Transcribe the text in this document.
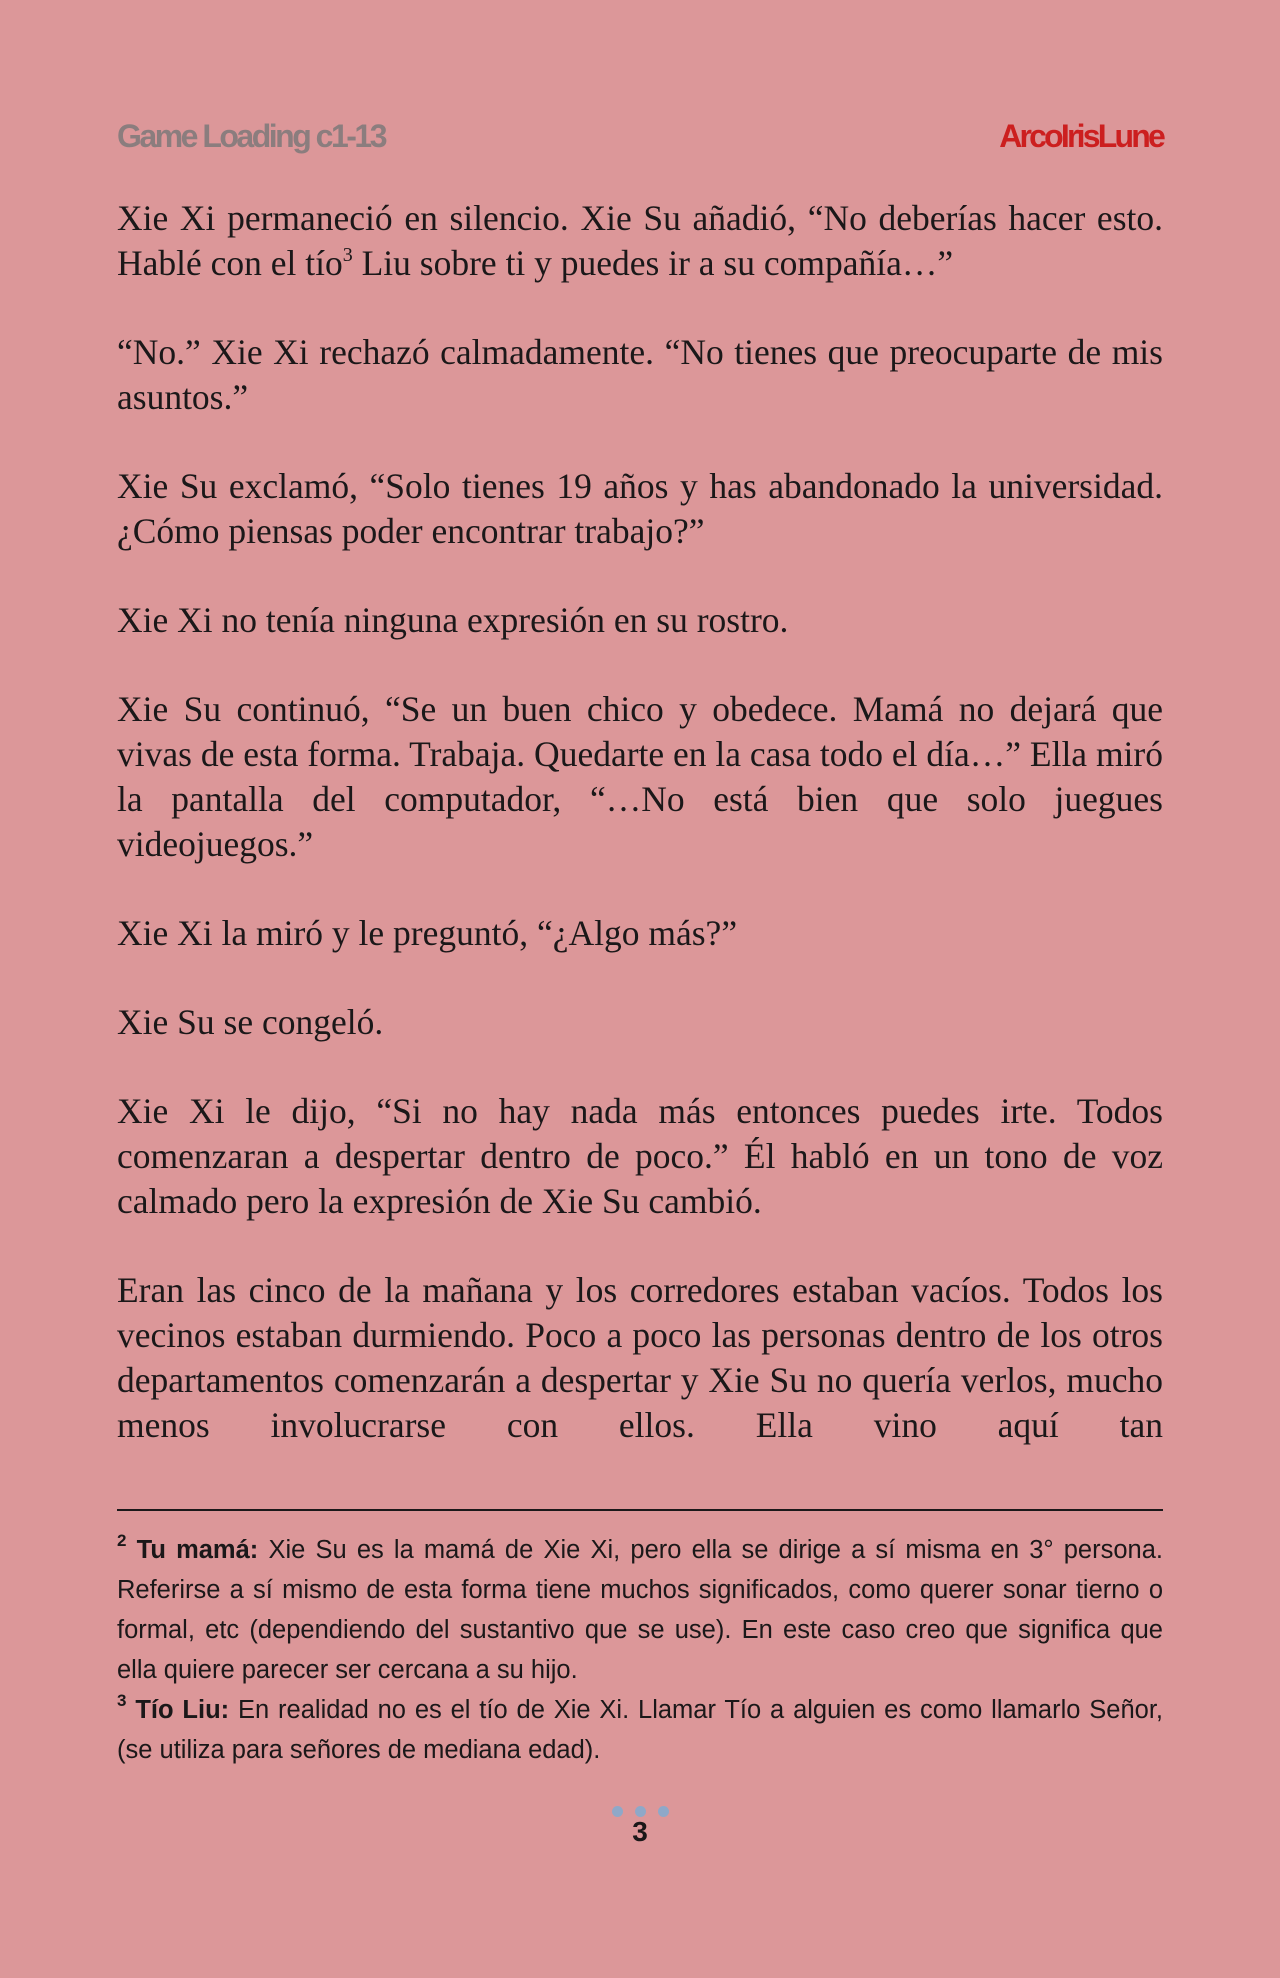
Game Loading c1-13	ArcoIrisLune

Xie Xi permaneció en silencio. Xie Su añadió, “No deberías hacer esto. Hablé con el tío$^3$ Liu sobre ti y puedes ir a su compañía…”

“No.” Xie Xi rechazó calmadamente. “No tienes que preocuparte de mis asuntos.”

Xie Su exclamó, “Solo tienes 19 años y has abandonado la universidad. ¿Cómo piensas poder encontrar trabajo?”

Xie Xi no tenía ninguna expresión en su rostro.

Xie Su continuó, “Se un buen chico y obedece. Mamá no dejará que vivas de esta forma. Trabaja. Quedarte en la casa todo el día…” Ella miró la pantalla del computador, “…No está bien que solo juegues videojuegos.”

Xie Xi la miró y le preguntó, “¿Algo más?”

Xie Su se congeló.

Xie Xi le dijo, “Si no hay nada más entonces puedes irte. Todos comenzaran a despertar dentro de poco.” Él habló en un tono de voz calmado pero la expresión de Xie Su cambió.

Eran las cinco de la mañana y los corredores estaban vacíos. Todos los vecinos estaban durmiendo. Poco a poco las personas dentro de los otros departamentos comenzarán a despertar y Xie Su no quería verlos, mucho menos involucrarse con ellos. Ella vino aquí tan

$^2$ Tu mamá: Xie Su es la mamá de Xie Xi, pero ella se dirige a sí misma en 3° persona. Referirse a sí mismo de esta forma tiene muchos significados, como querer sonar tierno o formal, etc (dependiendo del sustantivo que se use). En este caso creo que significa que ella quiere parecer ser cercana a su hijo.

$^3$ Tío Liu: En realidad no es el tío de Xie Xi. Llamar Tío a alguien es como llamarlo Señor, (se utiliza para señores de mediana edad).

3
